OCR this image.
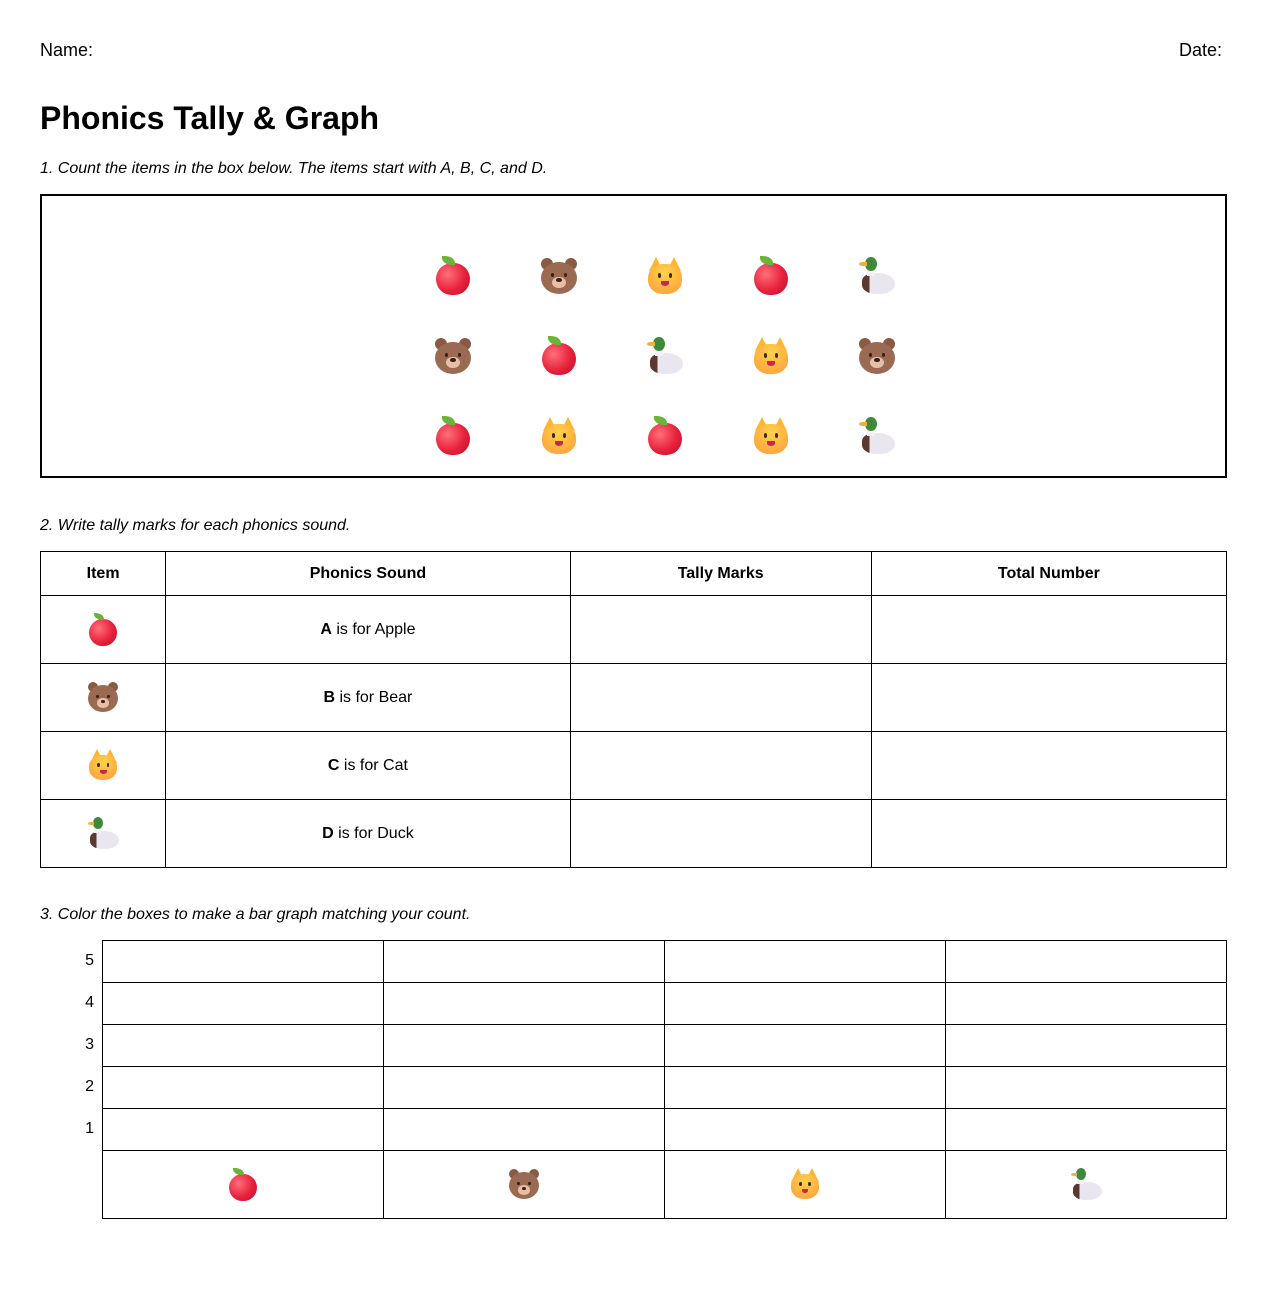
Name:	Date:
Phonics Tally & Graph

1. Count the items in the box below. The items start with A, B, C, and D.

2. Write tally marks for each phonics sound.

Item	Phonics Sound	Tally Marks	Total Number

	A is for Apple		

	B is for Bear		

	C is for Cat		

	D is for Duck		

3. Color the boxes to make a bar graph matching your count.

5
4
3
2
1
